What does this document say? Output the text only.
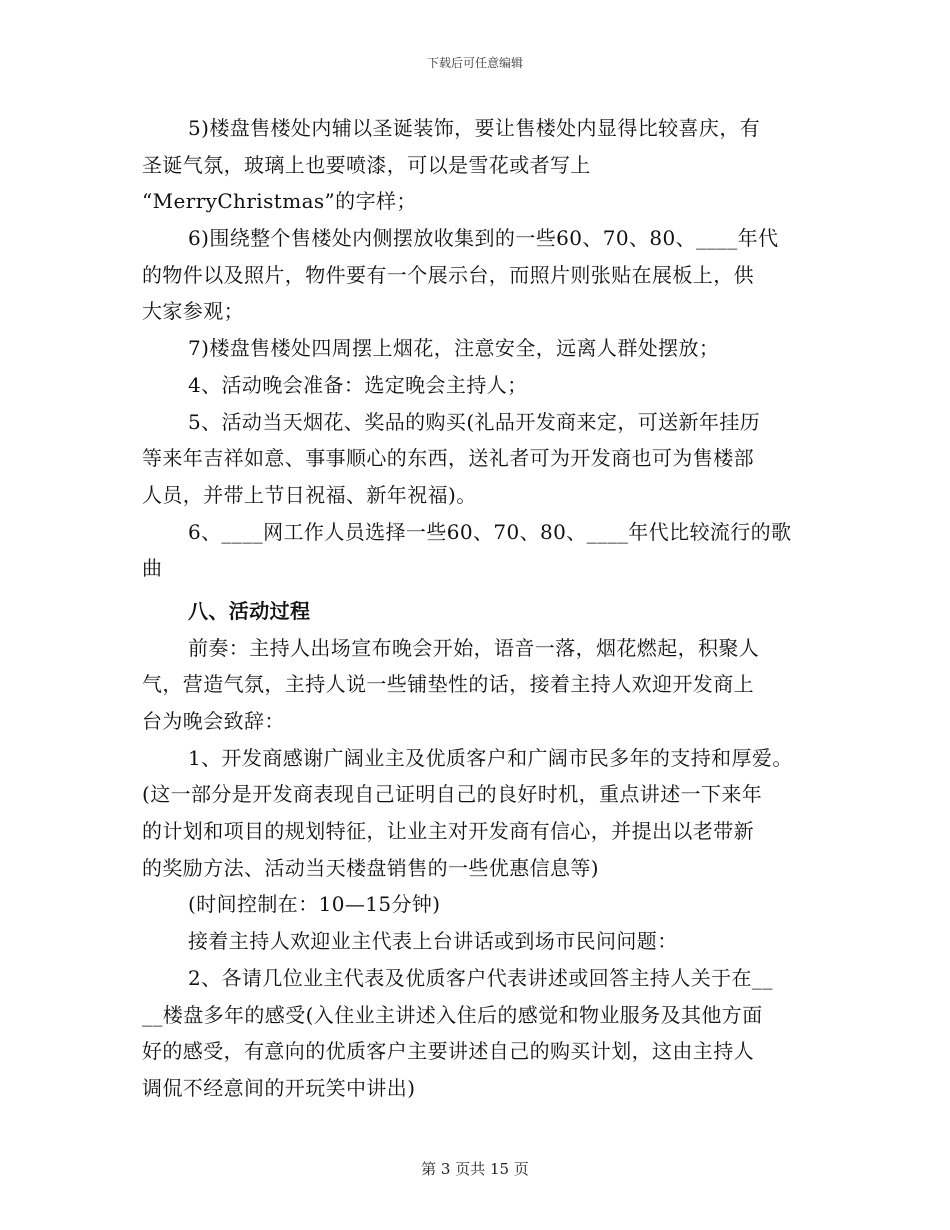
下载后可任意编辑
5)楼盘售楼处内辅以圣诞装饰，要让售楼处内显得比较喜庆，有
圣诞气氛，玻璃上也要喷漆，可以是雪花或者写上
“MerryChristmas”的字样；
6)围绕整个售楼处内侧摆放收集到的一些60、70、80、____年代
的物件以及照片，物件要有一个展示台，而照片则张贴在展板上，供
大家参观；
7)楼盘售楼处四周摆上烟花，注意安全，远离人群处摆放；
4、活动晚会准备：选定晚会主持人；
5、活动当天烟花、奖品的购买(礼品开发商来定，可送新年挂历
等来年吉祥如意、事事顺心的东西，送礼者可为开发商也可为售楼部
人员，并带上节日祝福、新年祝福)。
6、____网工作人员选择一些60、70、80、____年代比较流行的歌
曲
八、活动过程
前奏：主持人出场宣布晚会开始，语音一落，烟花燃起，积聚人
气，营造气氛，主持人说一些铺垫性的话，接着主持人欢迎开发商上
台为晚会致辞：
1、开发商感谢广阔业主及优质客户和广阔市民多年的支持和厚爱。
(这一部分是开发商表现自己证明自己的良好时机，重点讲述一下来年
的计划和项目的规划特征，让业主对开发商有信心，并提出以老带新
的奖励方法、活动当天楼盘销售的一些优惠信息等)
(时间控制在：10—15分钟)
接着主持人欢迎业主代表上台讲话或到场市民问问题：
2、各请几位业主代表及优质客户代表讲述或回答主持人关于在__
__楼盘多年的感受(入住业主讲述入住后的感觉和物业服务及其他方面
好的感受，有意向的优质客户主要讲述自己的购买计划，这由主持人
调侃不经意间的开玩笑中讲出)
第 3 页共 15 页
